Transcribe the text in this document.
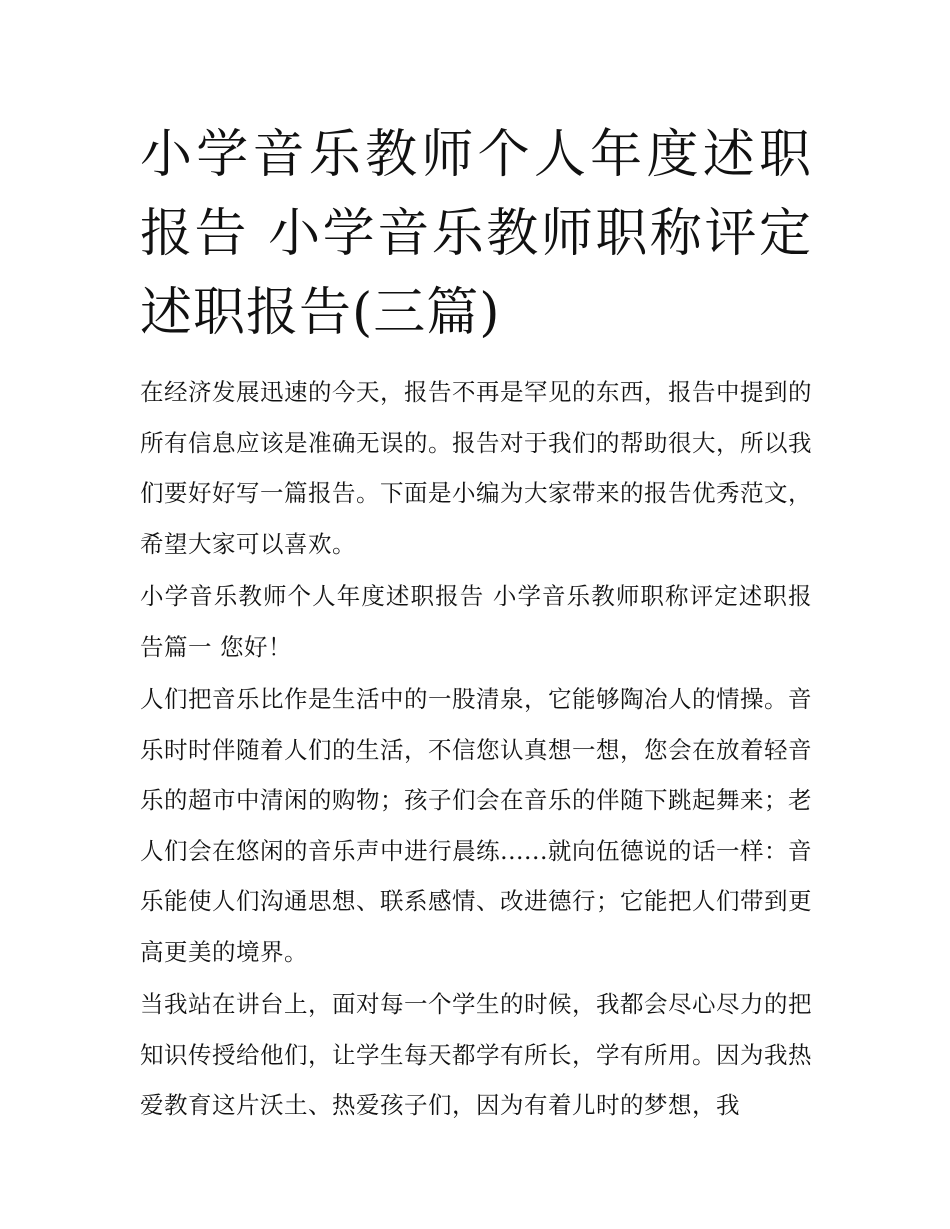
小学音乐教师个人年度述职报告 小学音乐教师职称评定述职报告(三篇)

在经济发展迅速的今天，报告不再是罕见的东西，报告中提到的所有信息应该是准确无误的。报告对于我们的帮助很大，所以我们要好好写一篇报告。下面是小编为大家带来的报告优秀范文，希望大家可以喜欢。

小学音乐教师个人年度述职报告 小学音乐教师职称评定述职报告篇一 您好！

人们把音乐比作是生活中的一股清泉，它能够陶冶人的情操。音乐时时伴随着人们的生活，不信您认真想一想，您会在放着轻音乐的超市中清闲的购物；孩子们会在音乐的伴随下跳起舞来；老人们会在悠闲的音乐声中进行晨练......就向伍德说的话一样：音乐能使人们沟通思想、联系感情、改进德行；它能把人们带到更高更美的境界。

当我站在讲台上，面对每一个学生的时候，我都会尽心尽力的把知识传授给他们，让学生每天都学有所长，学有所用。因为我热爱教育这片沃土、热爱孩子们，因为有着儿时的梦想，我
